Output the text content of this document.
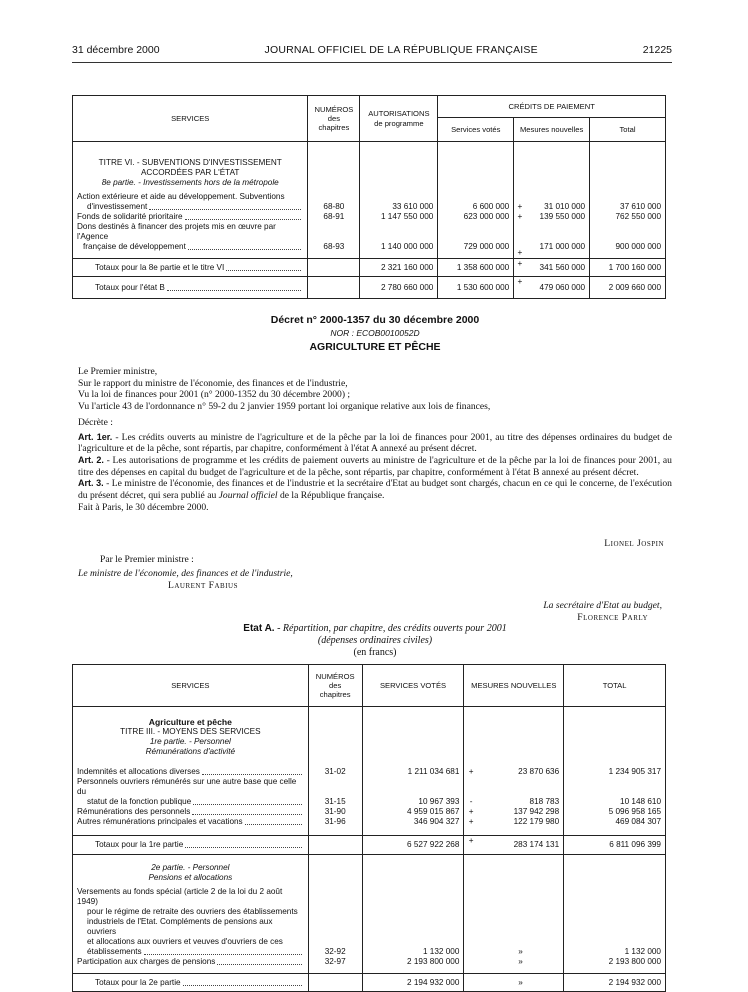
31 décembre 2000	JOURNAL OFFICIEL DE LA RÉPUBLIQUE FRANÇAISE	21225
SERVICES	NUMÉROS des chapitres	AUTORISATIONS de programme	CRÉDITS DE PAIEMENT			
			Services votés	Mesures nouvelles		Total

TITRE VI. - SUBVENTIONS D'INVESTISSEMENT
ACCORDÉES PAR L'ÉTAT
8e partie. - Investissements hors de la métropole						

Action extérieure et aide au développement. Subventions
d'investissement	68-80	33 610 000	6 600 000	+	31 010 000	37 610 000

Fonds de solidarité prioritaire	68-91	1 147 550 000	623 000 000	+	139 550 000	762 550 000

Dons destinés à financer des projets mis en œuvre par l'Agence
française de développement	68-93	1 140 000 000	729 000 000	+	171 000 000	900 000 000

Totaux pour la 8e partie et le titre VI		2 321 160 000	1 358 600 000	+	341 560 000	1 700 160 000

Totaux pour l'état B		2 780 660 000	1 530 600 000	+	479 060 000	2 009 660 000
Décret n° 2000-1357 du 30 décembre 2000
NOR : ECOB0010052D
AGRICULTURE ET PÊCHE

Le Premier ministre,

Sur le rapport du ministre de l'économie, des finances et de l'industrie,

Vu la loi de finances pour 2001 (n° 2000-1352 du 30 décembre 2000) ;

Vu l'article 43 de l'ordonnance n° 59-2 du 2 janvier 1959 portant loi organique relative aux lois de finances,

Décrète :

Art. 1er. - Les crédits ouverts au ministre de l'agriculture et de la pêche par la loi de finances pour 2001, au titre des dépenses ordinaires du budget de l'agriculture et de la pêche, sont répartis, par chapitre, conformément à l'état A annexé au présent décret.

Art. 2. - Les autorisations de programme et les crédits de paiement ouverts au ministre de l'agriculture et de la pêche par la loi de finances pour 2001, au titre des dépenses en capital du budget de l'agriculture et de la pêche, sont répartis, par chapitre, conformément à l'état B annexé au présent décret.

Art. 3. - Le ministre de l'économie, des finances et de l'industrie et la secrétaire d'Etat au budget sont chargés, chacun en ce qui le concerne, de l'exécution du présent décret, qui sera publié au Journal officiel de la République française.

Fait à Paris, le 30 décembre 2000.

Lionel Jospin
Par le Premier ministre :
Le ministre de l'économie, des finances et de l'industrie,
Laurent Fabius
La secrétaire d'Etat au budget,
Florence Parly
Etat A. - Répartition, par chapitre, des crédits ouverts pour 2001
(dépenses ordinaires civiles)
(en francs)
SERVICES	NUMÉROS des chapitres	SERVICES VOTÉS	MESURES NOUVELLES		TOTAL

Agriculture et pêche
TITRE III. - MOYENS DES SERVICES
1re partie. - Personnel
Rémunérations d'activité					

Indemnités et allocations diverses	31-02	1 211 034 681	+	23 870 636	1 234 905 317

Personnels ouvriers rémunérés sur une autre base que celle du
statut de la fonction publique	31-15	10 967 393	-	818 783	10 148 610

Rémunérations des personnels	31-90	4 959 015 867	+	137 942 298	5 096 958 165

Autres rémunérations principales et vacations	31-96	346 904 327	+	122 179 980	469 084 307

Totaux pour la 1re partie		6 527 922 268	+	283 174 131	6 811 096 399

2e partie. - Personnel
Pensions et allocations					

Versements au fonds spécial (article 2 de la loi du 2 août 1949)
pour le régime de retraite des ouvriers des établissements
industriels de l'Etat. Compléments de pensions aux ouvriers
et allocations aux ouvriers et veuves d'ouvriers de ces
établissements	32-92	1 132 000		»	1 132 000

Participation aux charges de pensions	32-97	2 193 800 000		»	2 193 800 000

Totaux pour la 2e partie		2 194 932 000		»	2 194 932 000
